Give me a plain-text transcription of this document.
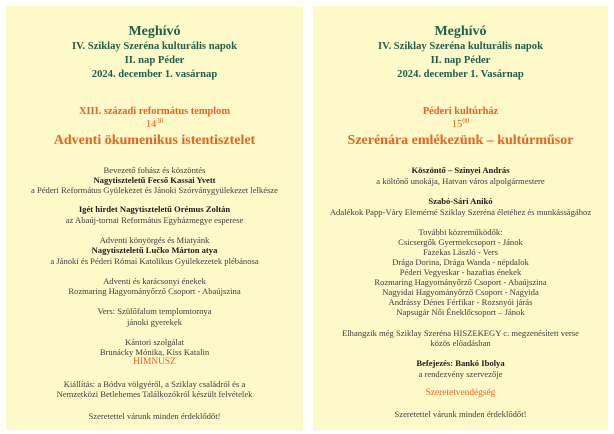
Meghívó
IV. Sziklay Szeréna kulturális napok
II. nap Péder
2024. december 1. vasárnap
XIII. századi református templom
$14^{30}$
Adventi ökumenikus istentisztelet
Bevezető fohász és köszöntés
Nagytiszteletű Fecső Kassai Yvett
a Péderi Református Gyülekezet és Jánoki Szórványgyülekezet lelkésze
Igét hirdet Nagytiszteletű Orémus Zoltán
az Abaúj-tornai Református Egyházmegye esperese
Adventi könyörgés és Miatyánk
Nagytiszteletű Lučko Márton atya
a Jánoki és Péderi Római Katolikus Gyülekezetek plébánosa
Adventi és karácsonyi énekek
Rozmaring Hagyományőrző Csoport - Abaújszina
Vers: Szülőfalum templomtornya
jánoki gyerekek
Kántori szolgálat
Brunácky Mónika, Kiss Katalin
HIMNUSZ
Kiállítás: a Bódva völgyéről, a Sziklay családról és a
Nemzetközi Betlehemes Találkozókról készült felvételek
Szeretettel várunk minden érdeklődőt!
Meghívó
IV. Sziklay Szeréna kulturális napok
II. nap Péder
2024. december 1. Vasárnap
Péderi kultúrház
$15^{00}$
Szerénára emlékezünk – kultúrműsor
Köszöntő – Szinyei András
a költőnő unokája, Hatvan város alpolgármestere
Szabó-Sári Anikó
Adalékok Papp-Váry Elemérné Sziklay Szeréna életéhez és munkásságához
További közreműködők:
Csicsergők Gyermekcsoport - Jánok
Fazekas László - Vers
Drága Dorina, Drága Wanda - népdalok
Péderi Vegyeskar - hazafias énekek
Rozmaring Hagyományőrző Csoport - Abaújszina
Nagyidai Hagyományőrző Csoport - Nagyida
Andrássy Dénes Férfikar - Rozsnyói járás
Napsugár Női Éneklőcsoport – Jánok
Elhangzik még Sziklay Szeréna HISZEKEGY c. megzenésített verse
közös előadásban
Befejezés: Bankó Ibolya
a rendezvény szervezője
Szeretetvendégség
Szeretettel várunk minden érdeklődőt!
